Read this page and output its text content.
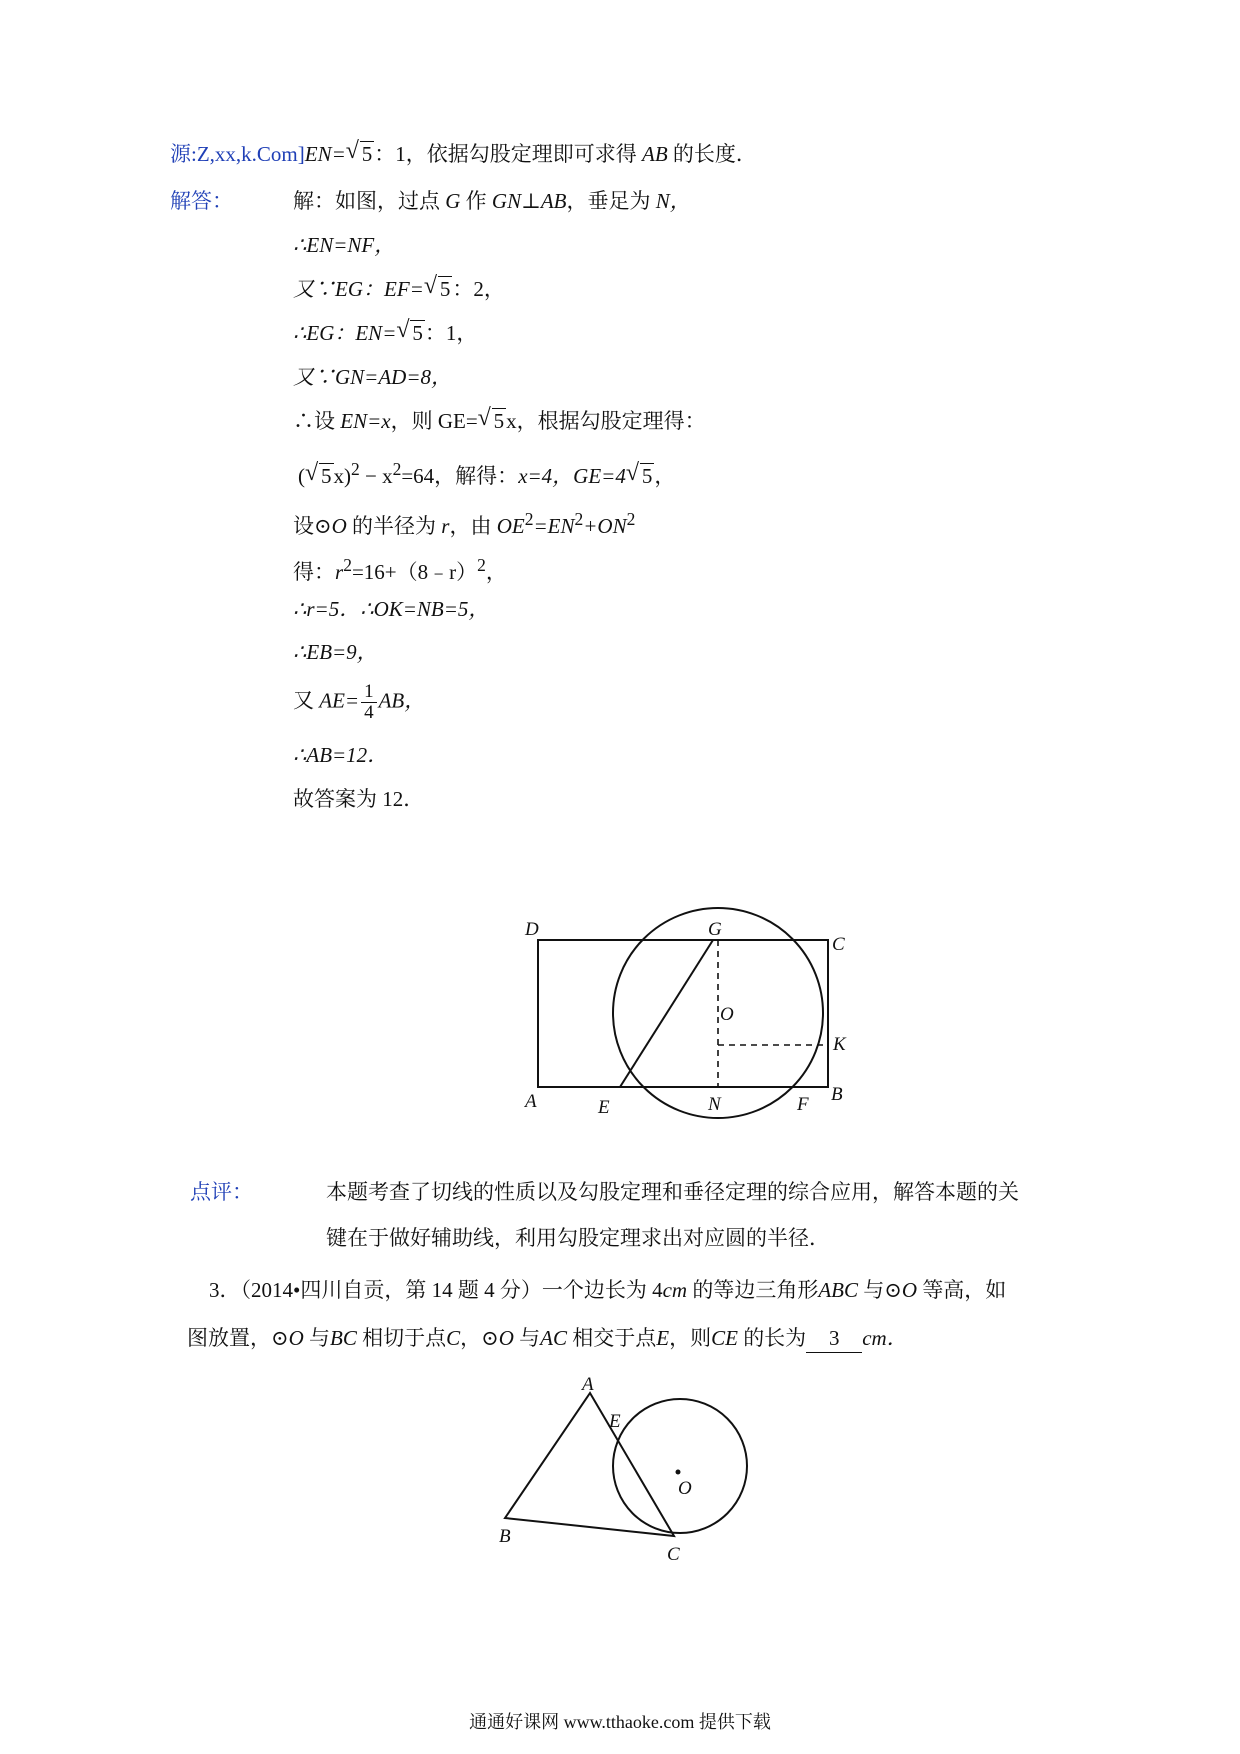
源:Z,xx,k.Com]EN= √ 5：1，依据勾股定理即可求得 AB 的长度．
解答：	解：如图，过点 G 作 GN⊥AB，垂足为 N，
∴EN=NF，
又∵EG：EF= √ 5：2，
∴EG：EN= √ 5：1，
又∵GN=AD=8，
∴设 EN=x，则 GE= √ 5x，根据勾股定理得：
( √ $5x)^2 - x^2=64$，解得：x=4，GE=4 √ 5，
设⊙O 的半径为 r，由 $OE^2=EN^2+ON^2$
得：$r^2=16+(8﹣r)^2$，
∴r=5．∴OK=NB=5，
∴EB=9，
又 $AE= \frac{1}{4}$ AB，
∴AB=12．
故答案为 12．
D	G
C
O
K
A	E	N	F B
点评：	本题考查了切线的性质以及勾股定理和垂径定理的综合应用，解答本题的关
键在于做好辅助线，利用勾股定理求出对应圆的半径．
3．（2014•四川自贡，第 14 题 4 分）一个边长为 4cm 的等边三角形ABC 与⊙O 等高，如
图放置，⊙O 与BC 相切于点C，⊙O 与AC 相交于点E，则CE 的长为 3 cm．
A
E
O
B
C
通通好课网 www.tthaoke.com 提供下载
